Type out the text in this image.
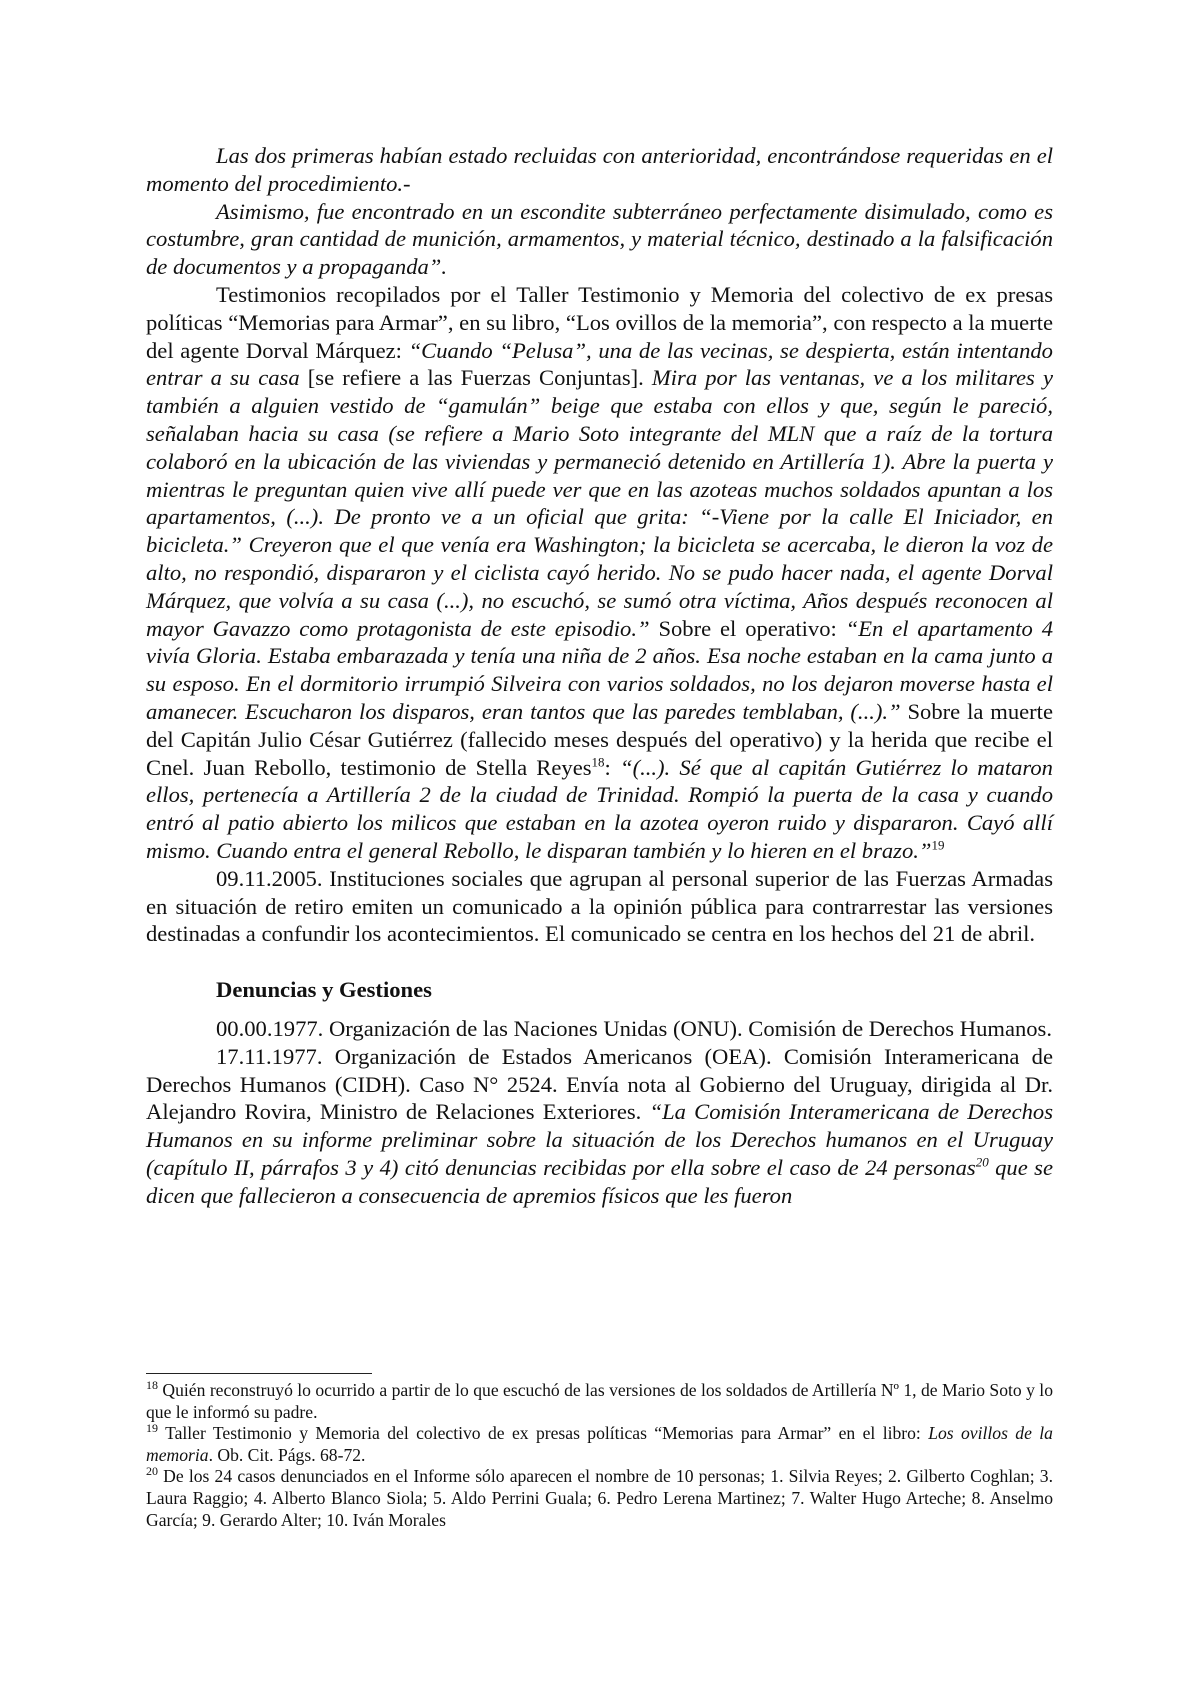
Las dos primeras habían estado recluidas con anterioridad, encontrándose requeridas en el momento del procedimiento.-

Asimismo, fue encontrado en un escondite subterráneo perfectamente disimulado, como es costumbre, gran cantidad de munición, armamentos, y material técnico, destinado a la falsificación de documentos y a propaganda”.

Testimonios recopilados por el Taller Testimonio y Memoria del colectivo de ex presas políticas “Memorias para Armar”, en su libro, “Los ovillos de la memoria”, con respecto a la muerte del agente Dorval Márquez: “Cuando “Pelusa”, una de las vecinas, se despierta, están intentando entrar a su casa [se refiere a las Fuerzas Conjuntas]. Mira por las ventanas, ve a los militares y también a alguien vestido de “gamulán” beige que estaba con ellos y que, según le pareció, señalaban hacia su casa (se refiere a Mario Soto integrante del MLN que a raíz de la tortura colaboró en la ubicación de las viviendas y permaneció detenido en Artillería 1). Abre la puerta y mientras le preguntan quien vive allí puede ver que en las azoteas muchos soldados apuntan a los apartamentos, (...). De pronto ve a un oficial que grita: “-Viene por la calle El Iniciador, en bicicleta.” Creyeron que el que venía era Washington; la bicicleta se acercaba, le dieron la voz de alto, no respondió, dispararon y el ciclista cayó herido. No se pudo hacer nada, el agente Dorval Márquez, que volvía a su casa (...), no escuchó, se sumó otra víctima, Años después reconocen al mayor Gavazzo como protagonista de este episodio.” Sobre el operativo: “En el apartamento 4 vivía Gloria. Estaba embarazada y tenía una niña de 2 años. Esa noche estaban en la cama junto a su esposo. En el dormitorio irrumpió Silveira con varios soldados, no los dejaron moverse hasta el amanecer. Escucharon los disparos, eran tantos que las paredes temblaban, (...).” Sobre la muerte del Capitán Julio César Gutiérrez (fallecido meses después del operativo) y la herida que recibe el Cnel. Juan Rebollo, testimonio de Stella Reyes$^{18}$: “(...). Sé que al capitán Gutiérrez lo mataron ellos, pertenecía a Artillería 2 de la ciudad de Trinidad. Rompió la puerta de la casa y cuando entró al patio abierto los milicos que estaban en la azotea oyeron ruido y dispararon. Cayó allí mismo. Cuando entra el general Rebollo, le disparan también y lo hieren en el brazo.”$^{19}$

09.11.2005. Instituciones sociales que agrupan al personal superior de las Fuerzas Armadas en situación de retiro emiten un comunicado a la opinión pública para contrarrestar las versiones destinadas a confundir los acontecimientos. El comunicado se centra en los hechos del 21 de abril.

Denuncias y Gestiones

00.00.1977. Organización de las Naciones Unidas (ONU). Comisión de Derechos Humanos.

17.11.1977. Organización de Estados Americanos (OEA). Comisión Interamericana de Derechos Humanos (CIDH). Caso N° 2524. Envía nota al Gobierno del Uruguay, dirigida al Dr. Alejandro Rovira, Ministro de Relaciones Exteriores. “La Comisión Interamericana de Derechos Humanos en su informe preliminar sobre la situación de los Derechos humanos en el Uruguay (capítulo II, párrafos 3 y 4) citó denuncias recibidas por ella sobre el caso de 24 personas$^{20}$ que se dicen que fallecieron a consecuencia de apremios físicos que les fueron

$^{18}$ Quién reconstruyó lo ocurrido a partir de lo que escuchó de las versiones de los soldados de Artillería Nº 1, de Mario Soto y lo que le informó su padre.

$^{19}$ Taller Testimonio y Memoria del colectivo de ex presas políticas “Memorias para Armar” en el libro: Los ovillos de la memoria. Ob. Cit. Págs. 68-72.

$^{20}$ De los 24 casos denunciados en el Informe sólo aparecen el nombre de 10 personas; 1. Silvia Reyes; 2. Gilberto Coghlan; 3. Laura Raggio; 4. Alberto Blanco Siola; 5. Aldo Perrini Guala; 6. Pedro Lerena Martinez; 7. Walter Hugo Arteche; 8. Anselmo García; 9. Gerardo Alter; 10. Iván Morales
